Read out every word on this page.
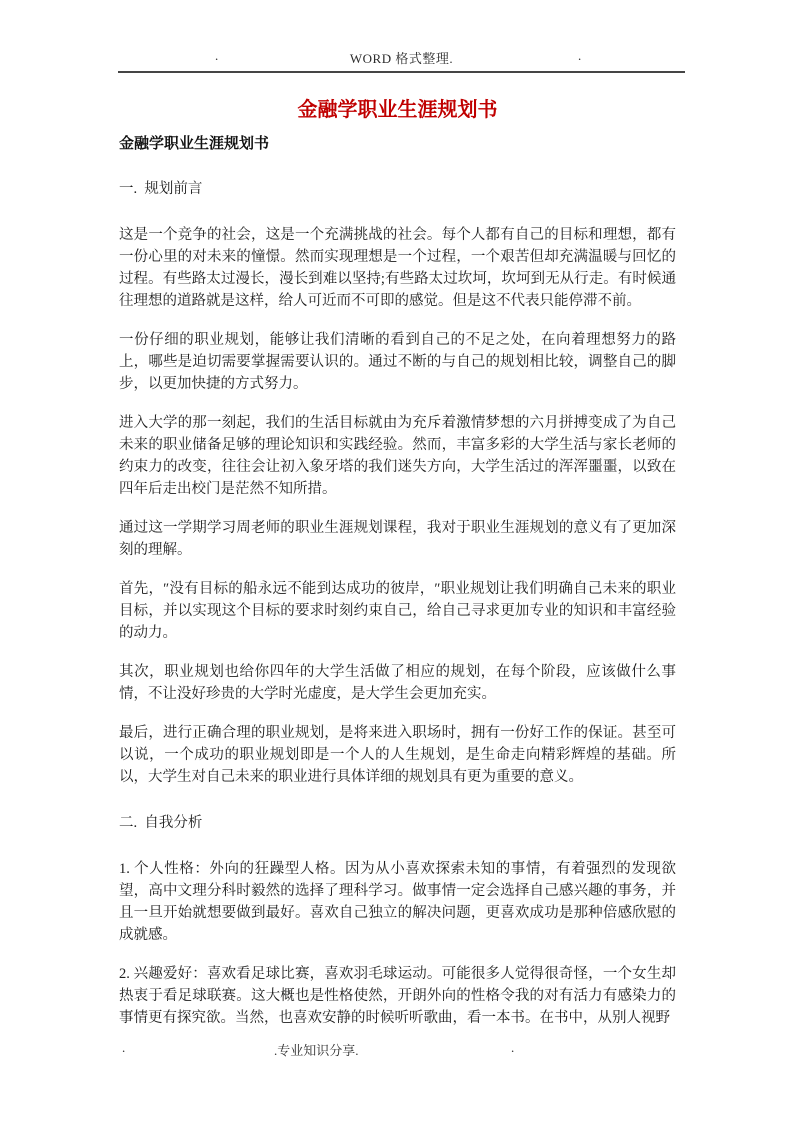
.	WORD 格式整理.	.
金融学职业生涯规划书
金融学职业生涯规划书
一.  规划前言

这是一个竞争的社会，这是一个充满挑战的社会。每个人都有自己的目标和理想，都有一份心里的对未来的憧憬。然而实现理想是一个过程，一个艰苦但却充满温暖与回忆的过程。有些路太过漫长，漫长到难以坚持;有些路太过坎坷，坎坷到无从行走。有时候通往理想的道路就是这样，给人可近而不可即的感觉。但是这不代表只能停滞不前。

一份仔细的职业规划，能够让我们清晰的看到自己的不足之处，在向着理想努力的路上，哪些是迫切需要掌握需要认识的。通过不断的与自己的规划相比较，调整自己的脚步，以更加快捷的方式努力。

进入大学的那一刻起，我们的生活目标就由为充斥着激情梦想的六月拼搏变成了为自己未来的职业储备足够的理论知识和实践经验。然而，丰富多彩的大学生活与家长老师的约束力的改变，往往会让初入象牙塔的我们迷失方向，大学生活过的浑浑噩噩，以致在四年后走出校门是茫然不知所措。

通过这一学期学习周老师的职业生涯规划课程，我对于职业生涯规划的意义有了更加深刻的理解。

首先，″没有目标的船永远不能到达成功的彼岸，″职业规划让我们明确自己未来的职业目标，并以实现这个目标的要求时刻约束自己，给自己寻求更加专业的知识和丰富经验的动力。

其次，职业规划也给你四年的大学生活做了相应的规划，在每个阶段，应该做什么事情，不让没好珍贵的大学时光虚度，是大学生会更加充实。

最后，进行正确合理的职业规划，是将来进入职场时，拥有一份好工作的保证。甚至可以说，一个成功的职业规划即是一个人的人生规划，是生命走向精彩辉煌的基础。所以，大学生对自己未来的职业进行具体详细的规划具有更为重要的意义。

二.  自我分析

1. 个人性格：外向的狂躁型人格。因为从小喜欢探索未知的事情，有着强烈的发现欲望，高中文理分科时毅然的选择了理科学习。做事情一定会选择自己感兴趣的事务，并且一旦开始就想要做到最好。喜欢自己独立的解决问题，更喜欢成功是那种倍感欣慰的成就感。

2. 兴趣爱好：喜欢看足球比赛，喜欢羽毛球运动。可能很多人觉得很奇怪，一个女生却热衷于看足球联赛。这大概也是性格使然，开朗外向的性格令我的对有活力有感染力的事情更有探究欲。当然，也喜欢安静的时候听听歌曲，看一本书。在书中，从别人视野

.	.专业知识分享.	.
